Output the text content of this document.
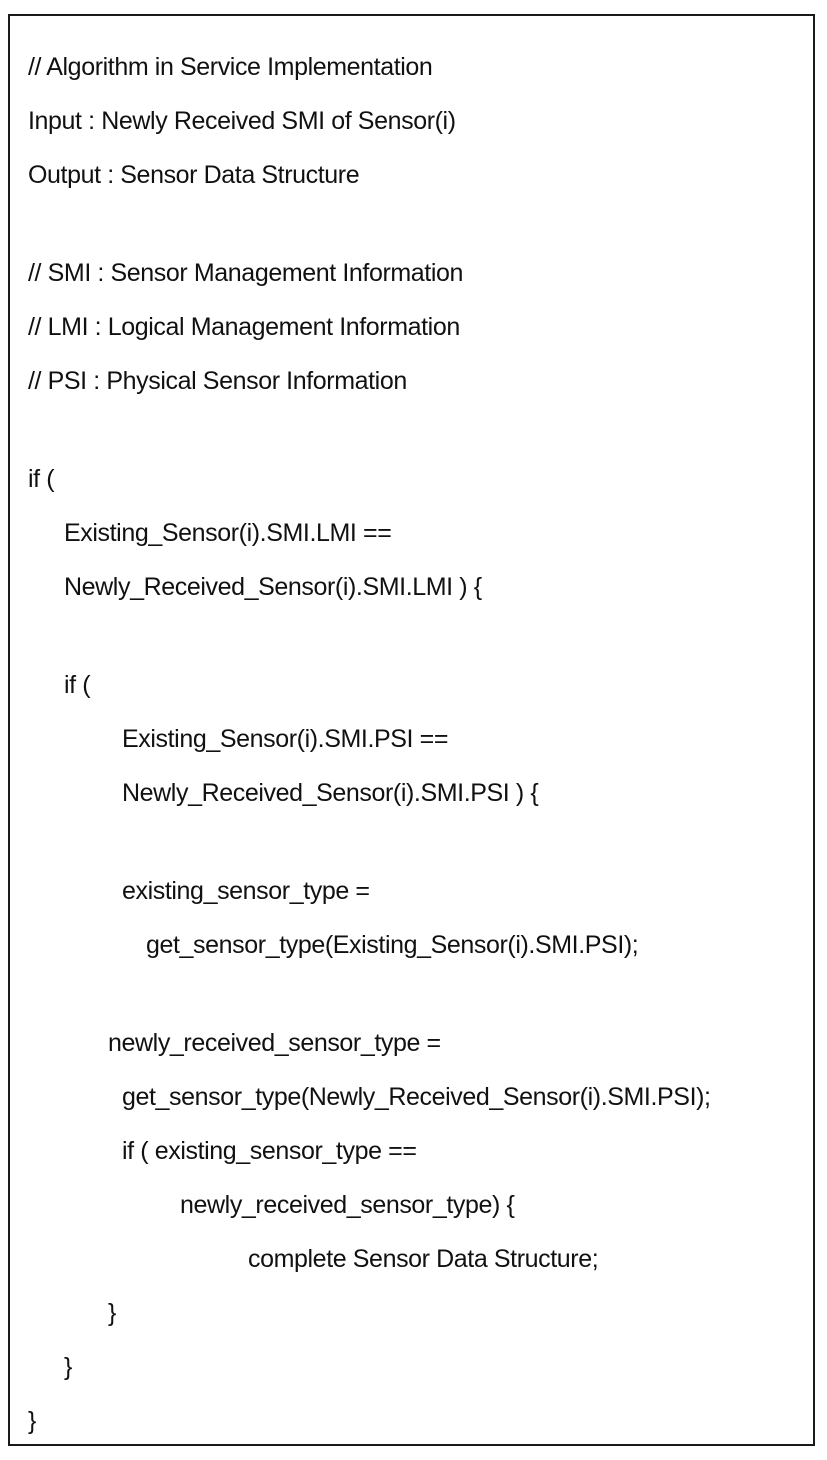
// Algorithm in Service Implementation
Input : Newly Received SMI of Sensor(i)
Output : Sensor Data Structure
// SMI : Sensor Management Information
// LMI : Logical Management Information
// PSI : Physical Sensor Information
if (
Existing_Sensor(i).SMI.LMI ==
Newly_Received_Sensor(i).SMI.LMI ) {
if (
Existing_Sensor(i).SMI.PSI ==
Newly_Received_Sensor(i).SMI.PSI ) {
existing_sensor_type =
get_sensor_type(Existing_Sensor(i).SMI.PSI);
newly_received_sensor_type =
get_sensor_type(Newly_Received_Sensor(i).SMI.PSI);
if ( existing_sensor_type ==
newly_received_sensor_type) {
complete Sensor Data Structure;
}
}
}
